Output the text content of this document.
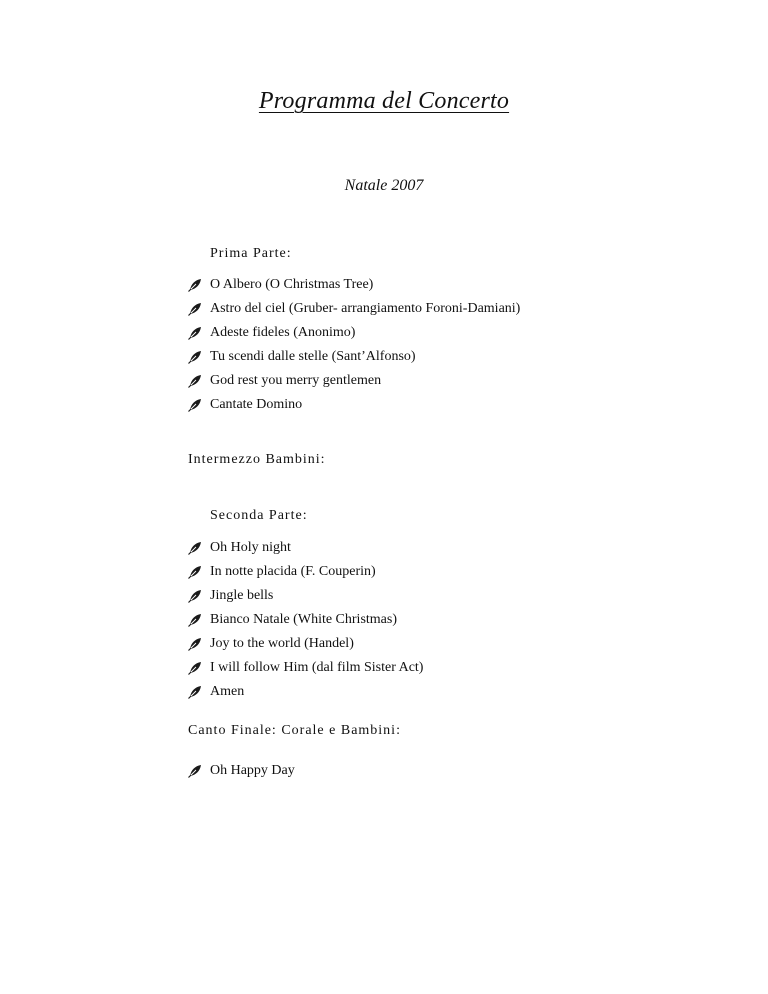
Programma del Concerto

Natale 2007

Prima Parte:

O Albero (O Christmas Tree)
Astro del ciel (Gruber- arrangiamento Foroni-Damiani)
Adeste fideles (Anonimo)
Tu scendi dalle stelle (Sant’Alfonso)
God rest you merry gentlemen
Cantate Domino

Intermezzo Bambini:

Seconda Parte:

Oh Holy night
In notte placida (F. Couperin)
Jingle bells
Bianco Natale (White Christmas)
Joy to the world (Handel)
I will follow Him (dal film Sister Act)
Amen

Canto Finale: Corale e Bambini:

Oh Happy Day
